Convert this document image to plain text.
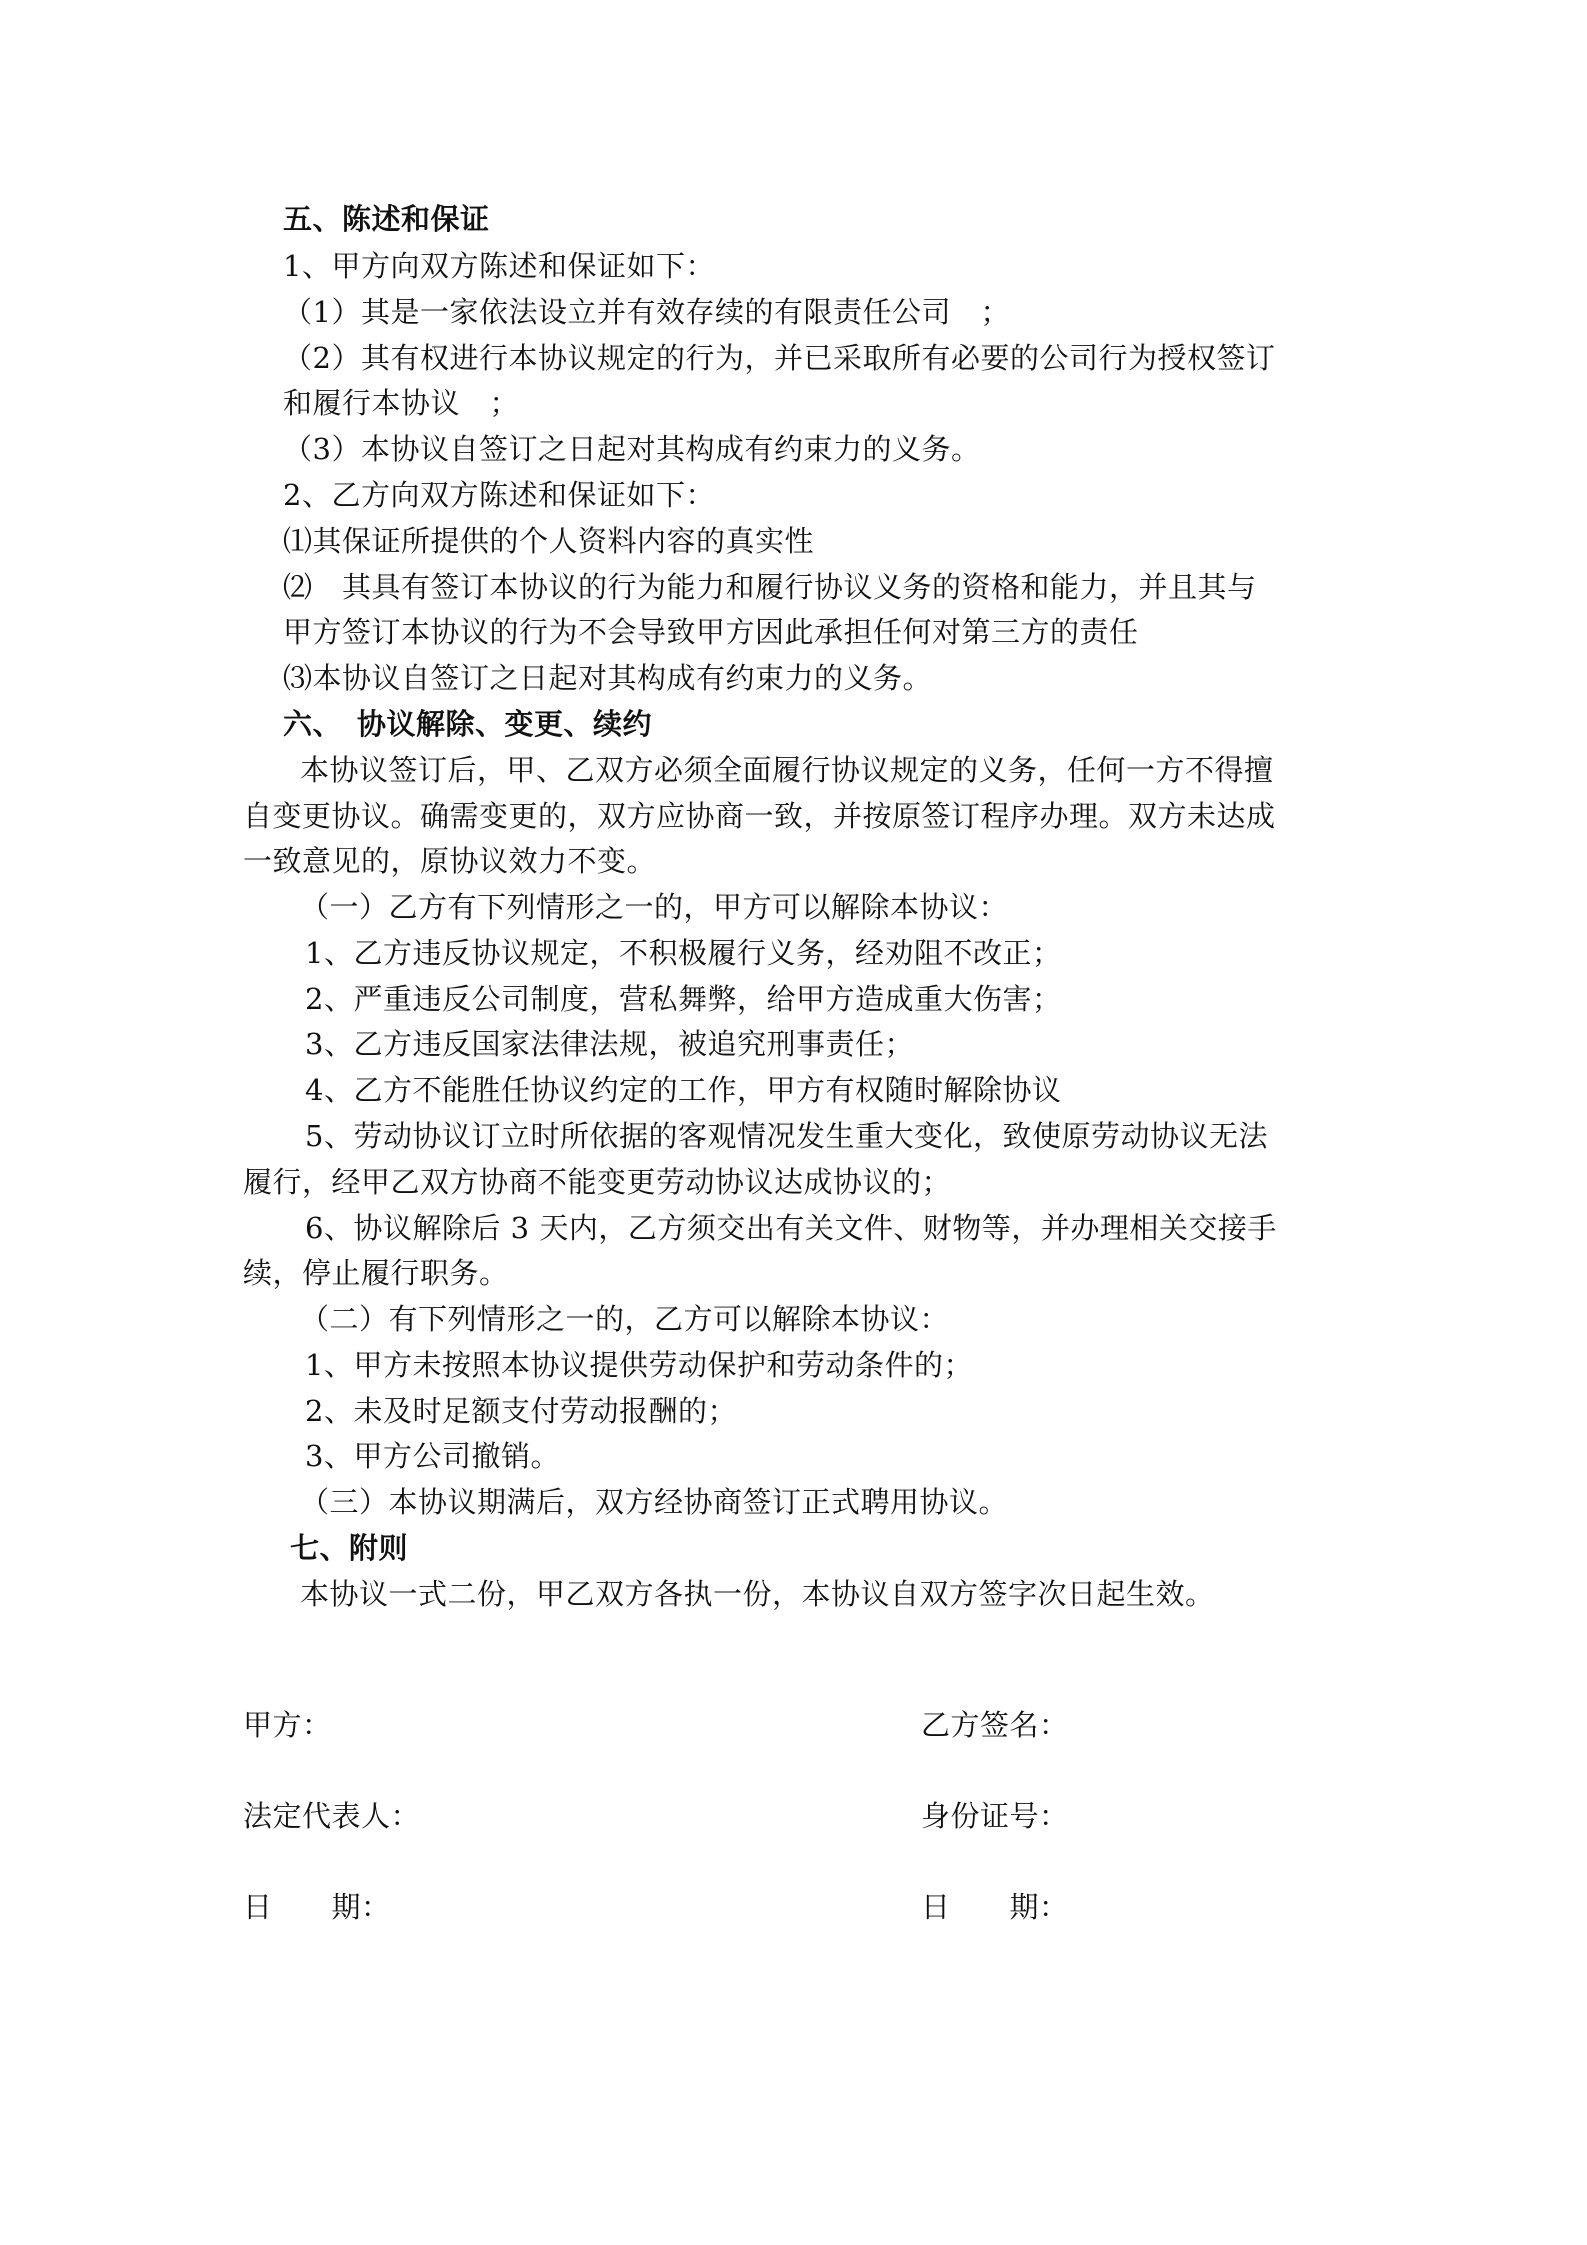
五、陈述和保证
1、甲方向双方陈述和保证如下：
（1）其是一家依法设立并有效存续的有限责任公司　；
（2）其有权进行本协议规定的行为，并已采取所有必要的公司行为授权签订
和履行本协议　；
（3）本协议自签订之日起对其构成有约束力的义务。
2、乙方向双方陈述和保证如下：
⑴其保证所提供的个人资料内容的真实性
⑵　其具有签订本协议的行为能力和履行协议义务的资格和能力，并且其与
甲方签订本协议的行为不会导致甲方因此承担任何对第三方的责任
⑶本协议自签订之日起对其构成有约束力的义务。
六、　协议解除、变更、续约
本协议签订后，甲、乙双方必须全面履行协议规定的义务，任何一方不得擅
自变更协议。确需变更的，双方应协商一致，并按原签订程序办理。双方未达成
一致意见的，原协议效力不变。
（一）乙方有下列情形之一的，甲方可以解除本协议：
1、乙方违反协议规定，不积极履行义务，经劝阻不改正；
2、严重违反公司制度，营私舞弊，给甲方造成重大伤害；
3、乙方违反国家法律法规，被追究刑事责任；
4、乙方不能胜任协议约定的工作，甲方有权随时解除协议
5、劳动协议订立时所依据的客观情况发生重大变化，致使原劳动协议无法
履行，经甲乙双方协商不能变更劳动协议达成协议的；
6、协议解除后 3 天内，乙方须交出有关文件、财物等，并办理相关交接手
续，停止履行职务。
（二）有下列情形之一的，乙方可以解除本协议：
1、甲方未按照本协议提供劳动保护和劳动条件的；
2、未及时足额支付劳动报酬的；
3、甲方公司撤销。
（三）本协议期满后，双方经协商签订正式聘用协议。
七、附则
本协议一式二份，甲乙双方各执一份，本协议自双方签字次日起生效。
甲方：	乙方签名：
法定代表人：	身份证号：
日　　期：	日　　期：
